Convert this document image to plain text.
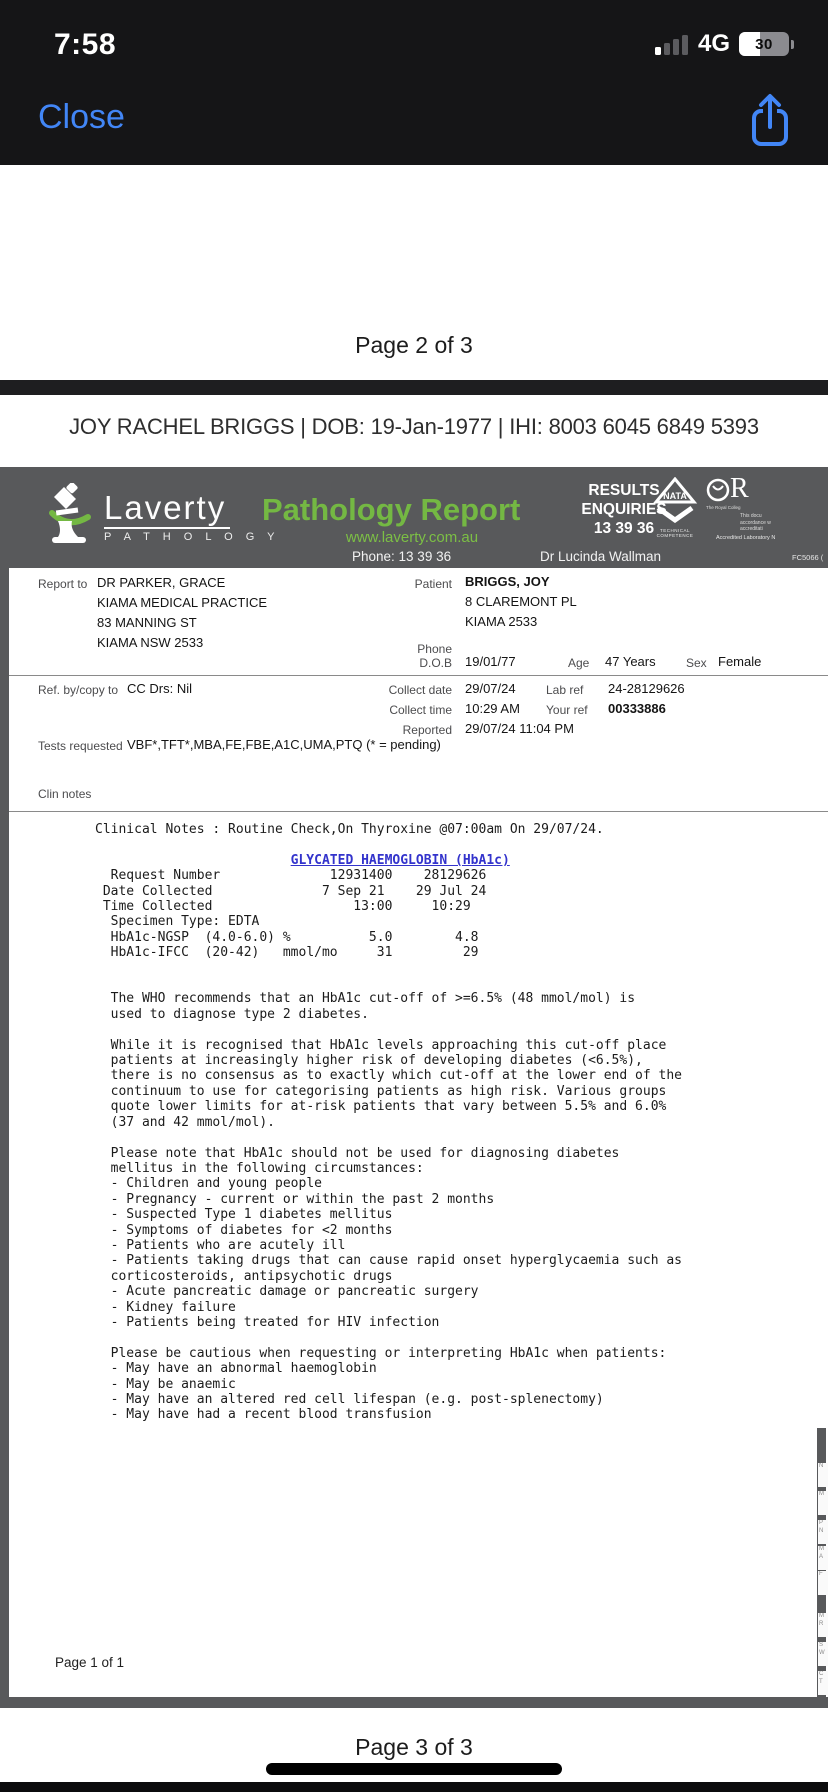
7:58	4G	30
Close
Page 2 of 3
JOY RACHEL BRIGGS | DOB: 19-Jan-1977 | IHI: 8003 6045 6849 5393
Laverty
P A T H O L O G Y
Pathology Report
www.laverty.com.au
Phone: 13 39 36	Dr Lucinda Wallman	FC5066 (
RESULTS
ENQUIRIES
13 39 36
NATA
TECHNICAL COMPETENCE
R
The Royal Colleg
This docu
accordance w
accreditati
Accredited Laboratory N
Report to DR PARKER, GRACE
KIAMA MEDICAL PRACTICE
83 MANNING ST
KIAMA NSW 2533
Patient BRIGGS, JOY
8 CLAREMONT PL
KIAMA 2533
Phone
D.O.B 19/01/77	Age 47 Years	Sex Female
Ref. by/copy to CC Drs: Nil	Collect date 29/07/24	Lab ref 24-28129626
Collect time 10:29 AM Your ref 00333886
Reported 29/07/24 11:04 PM
Tests requested VBF*,TFT*,MBA,FE,FBE,A1C,UMA,PTQ (* = pending)
Clin notes
Clinical Notes : Routine Check,On Thyroxine @07:00am On 29/07/24.
GLYCATED HAEMOGLOBIN (HbA1c)
Request Number              12931400    28129626
Date Collected              7 Sep 21    29 Jul 24
Time Collected                  13:00     10:29
Specimen Type: EDTA
HbA1c-NGSP  (4.0-6.0) %          5.0        4.8
HbA1c-IFCC  (20-42)   mmol/mo     31         29

The WHO recommends that an HbA1c cut-off of >=6.5% (48 mmol/mol) is
used to diagnose type 2 diabetes.

While it is recognised that HbA1c levels approaching this cut-off place
patients at increasingly higher risk of developing diabetes (<6.5%),
there is no consensus as to exactly which cut-off at the lower end of the
continuum to use for categorising patients as high risk. Various groups
quote lower limits for at-risk patients that vary between 5.5% and 6.0%
(37 and 42 mmol/mol).

Please note that HbA1c should not be used for diagnosing diabetes
mellitus in the following circumstances:
- Children and young people
- Pregnancy - current or within the past 2 months
- Suspected Type 1 diabetes mellitus
- Symptoms of diabetes for <2 months
- Patients who are acutely ill
- Patients taking drugs that can cause rapid onset hyperglycaemia such as
corticosteroids, antipsychotic drugs
- Acute pancreatic damage or pancreatic surgery
- Kidney failure
- Patients being treated for HIV infection

Please be cautious when requesting or interpreting HbA1c when patients:
- May have an abnormal haemoglobin
- May be anaemic
- May have an altered red cell lifespan (e.g. post-splenectomy)
- May have had a recent blood transfusion
Page 1 of 1
N
M
P
N
M
A
F
M
R
S
W
C
T
Page 3 of 3
